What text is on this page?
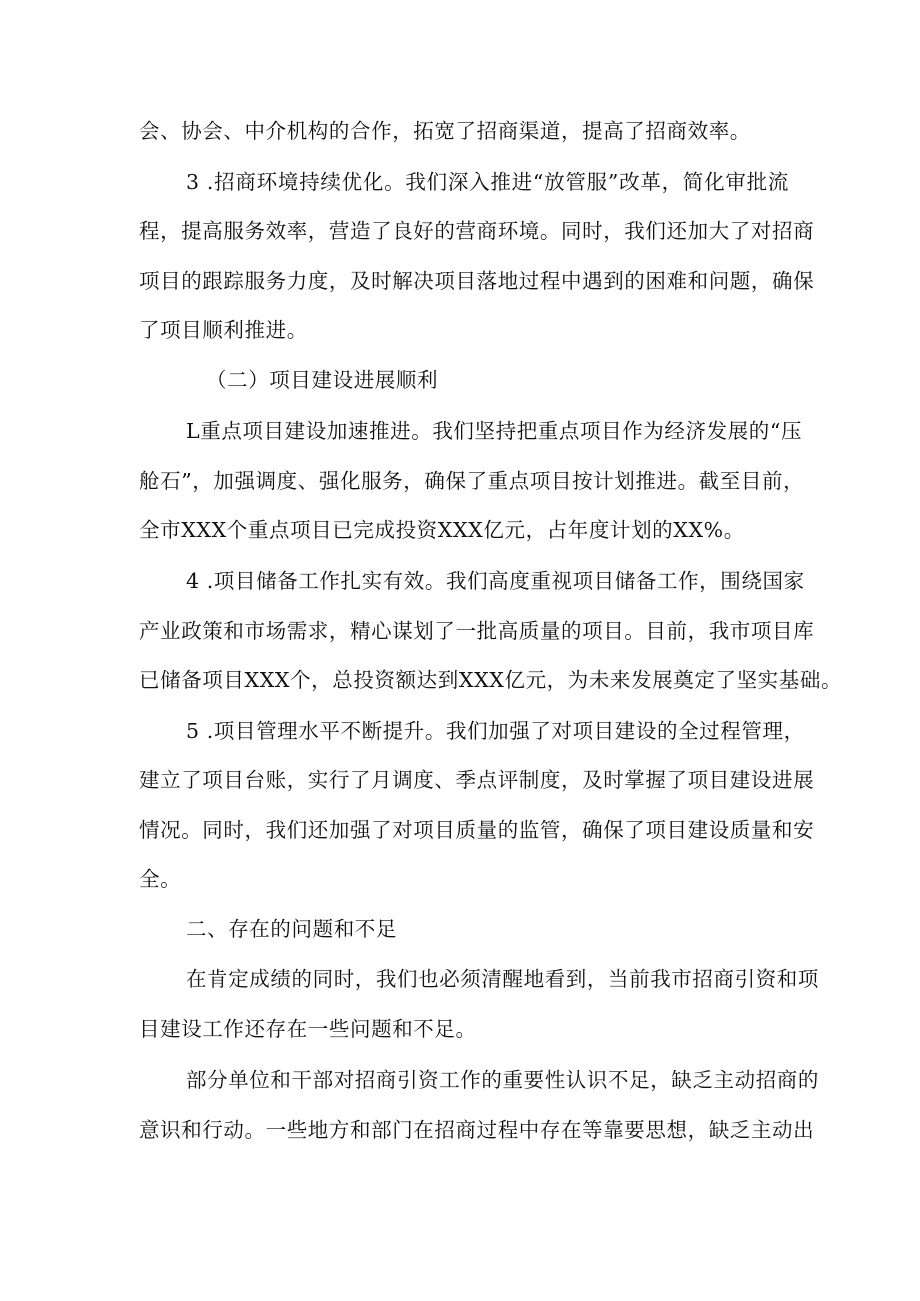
会、协会、中介机构的合作，拓宽了招商渠道，提高了招商效率。
3 .招商环境持续优化。我们深入推进“放管服”改革，简化审批流
程，提高服务效率，营造了良好的营商环境。同时，我们还加大了对招商
项目的跟踪服务力度，及时解决项目落地过程中遇到的困难和问题，确保
了项目顺利推进。
（二）项目建设进展顺利
L重点项目建设加速推进。我们坚持把重点项目作为经济发展的“压
舱石”，加强调度、强化服务，确保了重点项目按计划推进。截至目前，
全市XXX个重点项目已完成投资XXX亿元，占年度计划的XX%。
4 .项目储备工作扎实有效。我们高度重视项目储备工作，围绕国家
产业政策和市场需求，精心谋划了一批高质量的项目。目前，我市项目库
已储备项目XXX个，总投资额达到XXX亿元，为未来发展奠定了坚实基础。
5 .项目管理水平不断提升。我们加强了对项目建设的全过程管理，
建立了项目台账，实行了月调度、季点评制度，及时掌握了项目建设进展
情况。同时，我们还加强了对项目质量的监管，确保了项目建设质量和安
全。
二、存在的问题和不足
在肯定成绩的同时，我们也必须清醒地看到，当前我市招商引资和项
目建设工作还存在一些问题和不足。
部分单位和干部对招商引资工作的重要性认识不足，缺乏主动招商的
意识和行动。一些地方和部门在招商过程中存在等靠要思想，缺乏主动出
